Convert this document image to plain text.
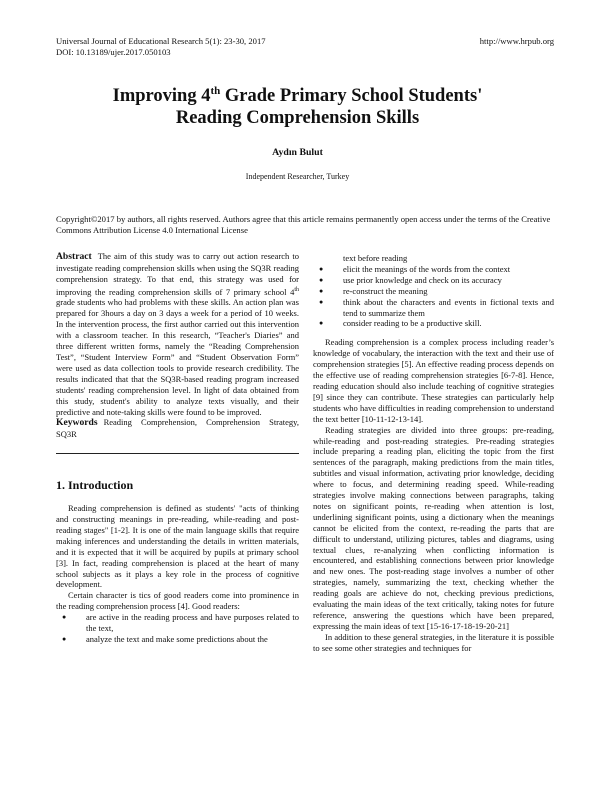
Universal Journal of Educational Research 5(1): 23-30, 2017
DOI: 10.13189/ujer.2017.050103
http://www.hrpub.org
Improving 4th Grade Primary School Students'
Reading Comprehension Skills
Aydın Bulut
Independent Researcher, Turkey
Copyright©2017 by authors, all rights reserved. Authors agree that this article remains permanently open access under the terms of the Creative Commons Attribution License 4.0 International License

Abstract The aim of this study was to carry out action research to investigate reading comprehension skills when using the SQ3R reading comprehension strategy. To that end, this strategy was used for improving the reading comprehension skills of 7 primary school 4th grade students who had problems with these skills. An action plan was prepared for 3hours a day on 3 days a week for a period of 10 weeks. In the intervention process, the first author carried out this intervention with a classroom teacher. In this research, “Teacher's Diaries” and three different written forms, namely the “Reading Comprehension Test”, “Student Interview Form” and “Student Observation Form” were used as data collection tools to provide research credibility. The results indicated that that the SQ3R-based reading program increased students' reading comprehension level. In light of data obtained from this study, student's ability to analyze texts visually, and their predictive and note-taking skills were found to be improved.

Keywords Reading Comprehension, Comprehension Strategy, SQ3R

1. Introduction

Reading comprehension is defined as students' "acts of thinking and constructing meanings in pre-reading, while-reading and post-reading stages" [1-2]. It is one of the main language skills that require making inferences and understanding the details in written materials, and it is expected that it will be acquired by pupils at primary school [3]. In fact, reading comprehension is placed at the heart of many school subjects as it plays a key role in the process of cognitive development.

Certain character is tics of good readers come into prominence in the reading comprehension process [4]. Good readers:

● are active in the reading process and have purposes related to the text,
● analyze the text and make some predictions about the
text before reading
● elicit the meanings of the words from the context
● use prior knowledge and check on its accuracy
● re-construct the meaning
● think about the characters and events in fictional texts and tend to summarize them
● consider reading to be a productive skill.

Reading comprehension is a complex process including reader’s knowledge of vocabulary, the interaction with the text and their use of comprehension strategies [5]. An effective reading process depends on the effective use of reading comprehension strategies [6-7-8]. Hence, reading education should also include teaching of cognitive strategies [9] since they can contribute. These strategies can particularly help students who have difficulties in reading comprehension to understand the text better [10-11-12-13-14].

Reading strategies are divided into three groups: pre-reading, while-reading and post-reading strategies. Pre-reading strategies include preparing a reading plan, eliciting the topic from the first sentences of the paragraph, making predictions from the main titles, subtitles and visual information, activating prior knowledge, deciding where to focus, and determining reading speed. While-reading strategies involve making connections between paragraphs, taking notes on significant points, re-reading when attention is lost, underlining significant points, using a dictionary when the meanings cannot be elicited from the context, re-reading the parts that are difficult to understand, utilizing pictures, tables and diagrams, using textual clues, re-analyzing when conflicting information is encountered, and establishing connections between prior knowledge and new ones. The post-reading stage involves a number of other strategies, namely, summarizing the text, checking whether the reading goals are achieve do not, checking previous predictions, evaluating the main ideas of the text critically, taking notes for future reference, answering the questions which have been prepared, expressing the main ideas of text [15-16-17-18-19-20-21]

In addition to these general strategies, in the literature it is possible to see some other strategies and techniques for
